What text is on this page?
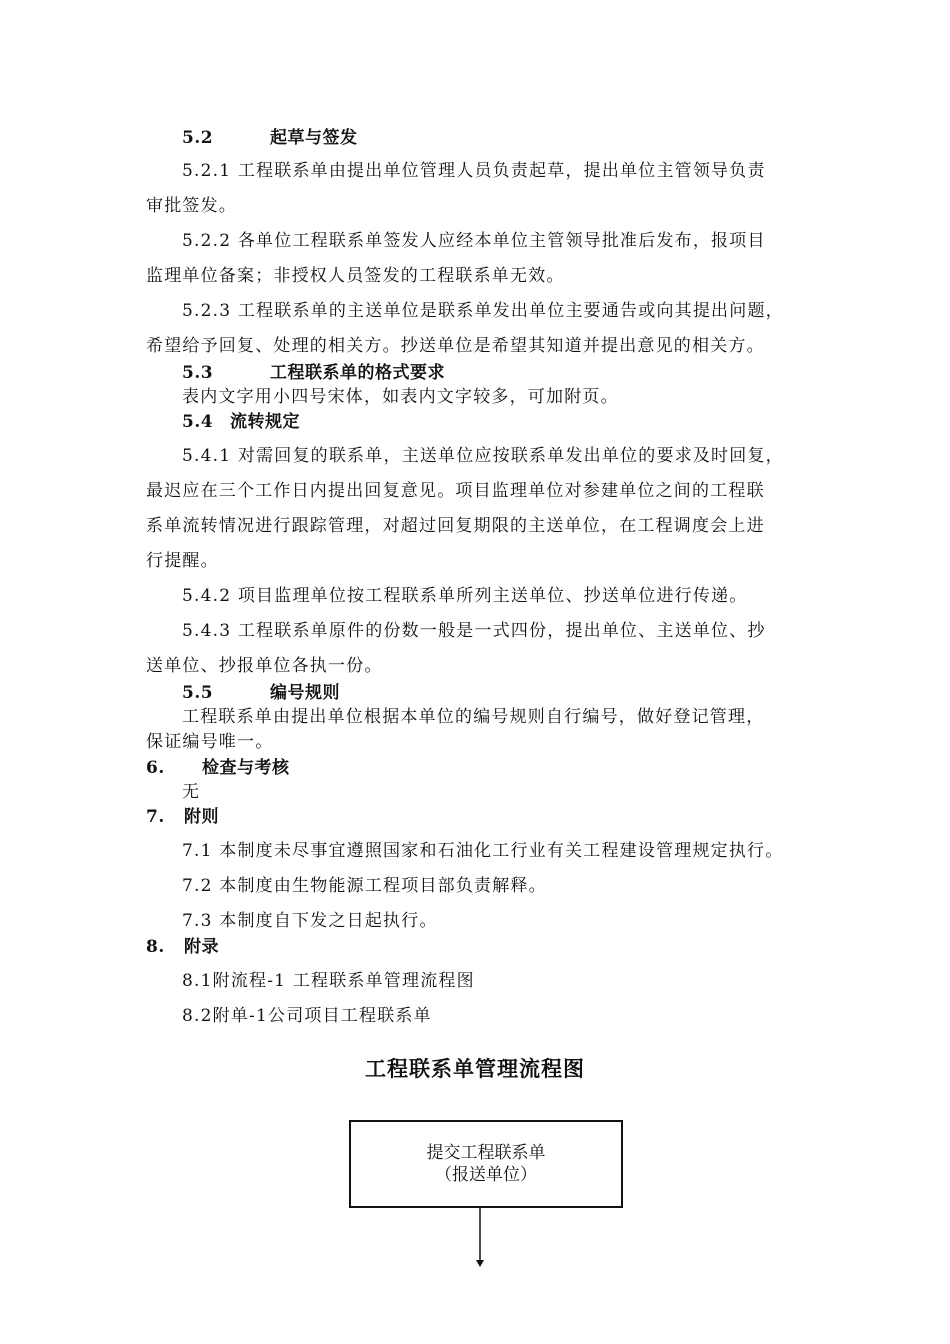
5.2	起草与签发
5.2.1 工程联系单由提出单位管理人员负责起草，提出单位主管领导负责
审批签发。
5.2.2 各单位工程联系单签发人应经本单位主管领导批准后发布，报项目
监理单位备案；非授权人员签发的工程联系单无效。
5.2.3 工程联系单的主送单位是联系单发出单位主要通告或向其提出问题，
希望给予回复、处理的相关方。抄送单位是希望其知道并提出意见的相关方。
5.3	工程联系单的格式要求
表内文字用小四号宋体，如表内文字较多，可加附页。
5.4 流转规定
5.4.1 对需回复的联系单，主送单位应按联系单发出单位的要求及时回复，
最迟应在三个工作日内提出回复意见。项目监理单位对参建单位之间的工程联
系单流转情况进行跟踪管理，对超过回复期限的主送单位，在工程调度会上进
行提醒。
5.4.2 项目监理单位按工程联系单所列主送单位、抄送单位进行传递。
5.4.3 工程联系单原件的份数一般是一式四份，提出单位、主送单位、抄
送单位、抄报单位各执一份。
5.5	编号规则
工程联系单由提出单位根据本单位的编号规则自行编号，做好登记管理，
保证编号唯一。
6. 检查与考核
无
7. 附则
7.1 本制度未尽事宜遵照国家和石油化工行业有关工程建设管理规定执行。
7.2 本制度由生物能源工程项目部负责解释。
7.3 本制度自下发之日起执行。
8. 附录
8.1附流程-1 工程联系单管理流程图
8.2附单-1公司项目工程联系单
工程联系单管理流程图
提交工程联系单
（报送单位）
